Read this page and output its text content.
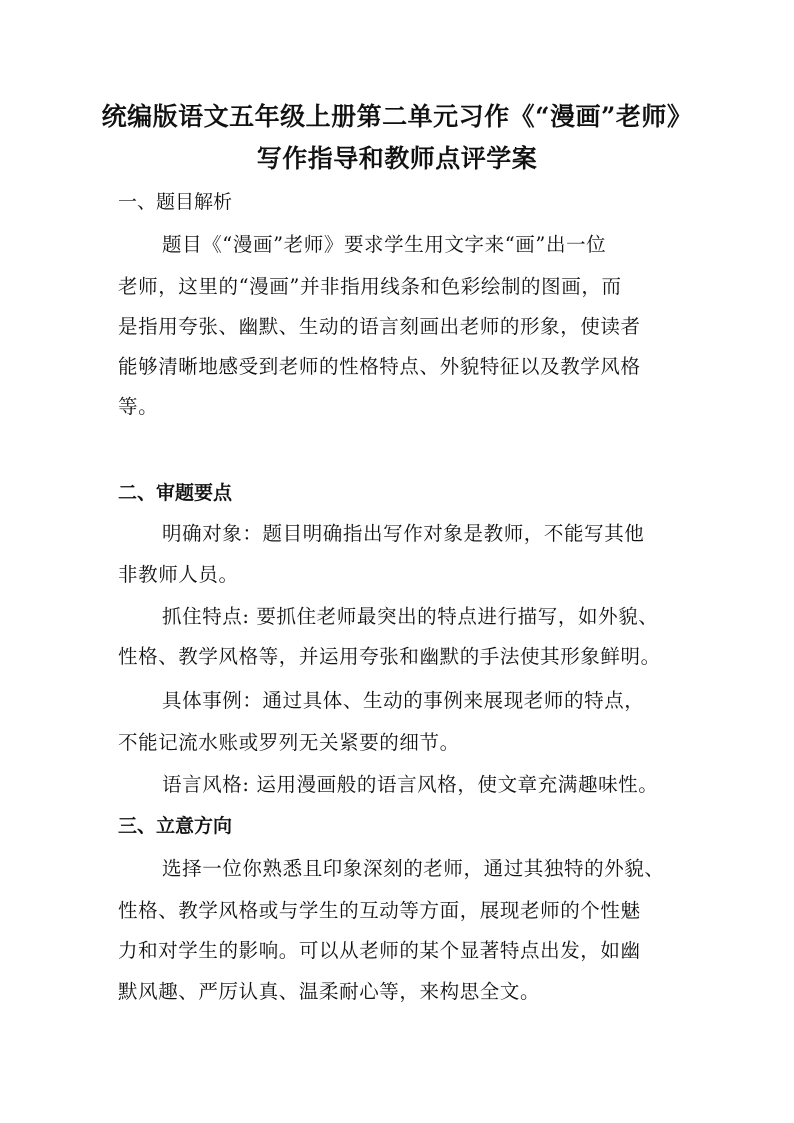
统编版语文五年级上册第二单元习作《“漫画”老师》
写作指导和教师点评学案
一、题目解析
题目《“漫画”老师》要求学生用文字来“画”出一位
老师，这里的“漫画”并非指用线条和色彩绘制的图画，而
是指用夸张、幽默、生动的语言刻画出老师的形象，使读者
能够清晰地感受到老师的性格特点、外貌特征以及教学风格
等。
二、审题要点
明确对象：题目明确指出写作对象是教师，不能写其他
非教师人员。
抓住特点: 要抓住老师最突出的特点进行描写，如外貌、
性格、教学风格等，并运用夸张和幽默的手法使其形象鲜明。
具体事例：通过具体、生动的事例来展现老师的特点，
不能记流水账或罗列无关紧要的细节。
语言风格: 运用漫画般的语言风格，使文章充满趣味性。
三、立意方向
选择一位你熟悉且印象深刻的老师，通过其独特的外貌、
性格、教学风格或与学生的互动等方面，展现老师的个性魅
力和对学生的影响。可以从老师的某个显著特点出发，如幽
默风趣、严厉认真、温柔耐心等，来构思全文。
